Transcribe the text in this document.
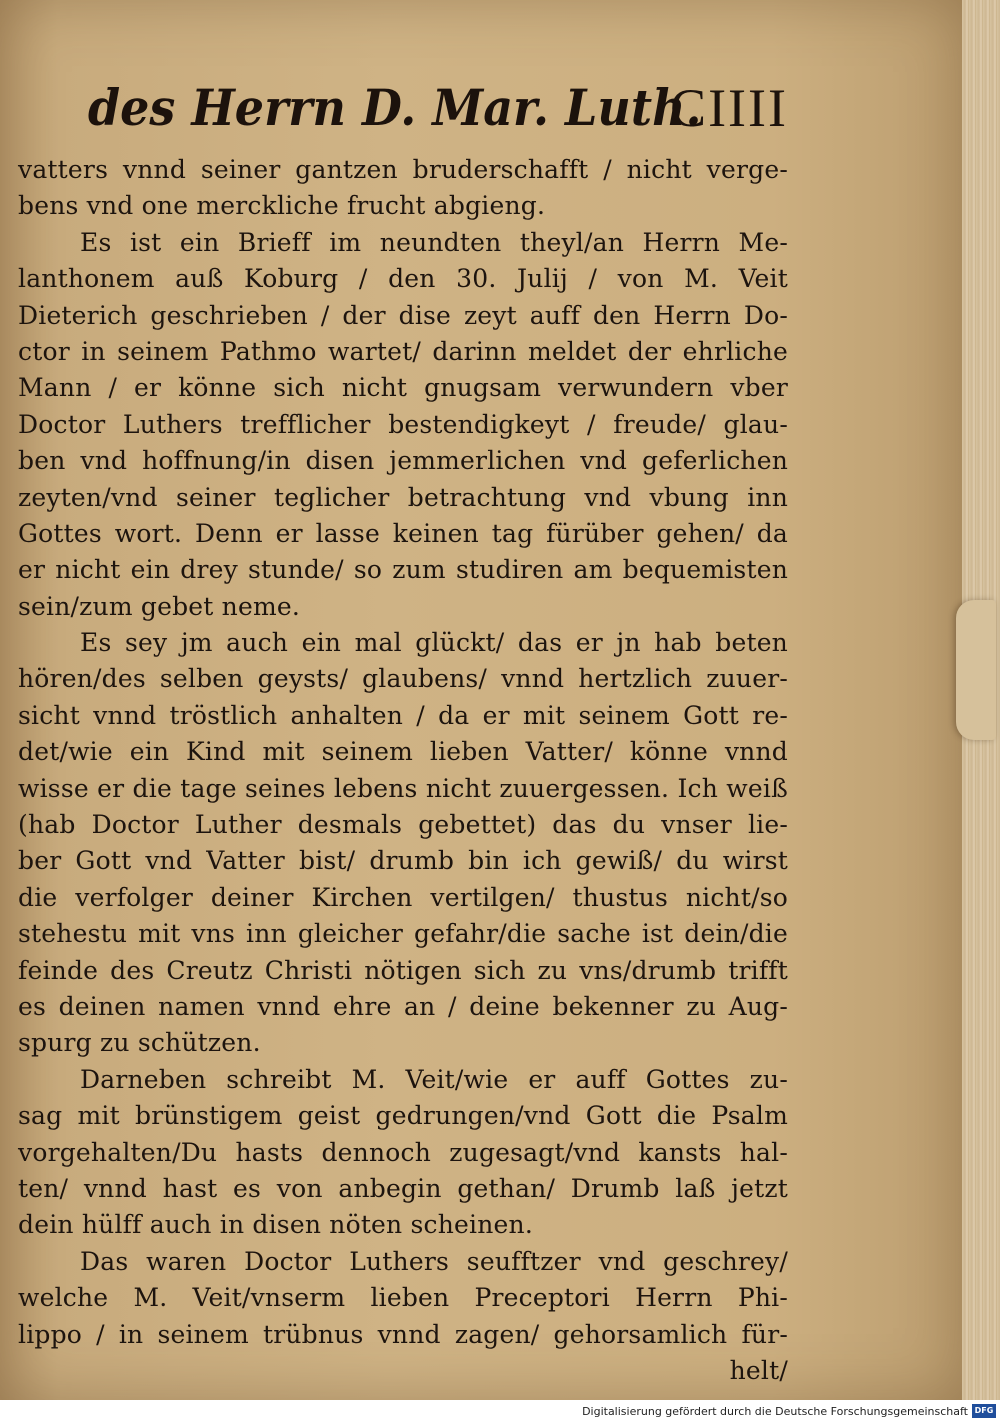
des Herrn D. Mar. Luth.
CIIII
vatters vnnd seiner gantzen bruderschafft / nicht verge-
bens vnd one merckliche frucht abgieng.
Es ist ein Brieff im neundten theyl/an Herrn Me-
lanthonem auß Koburg / den 30. Julij / von M. Veit
Dieterich geschrieben / der dise zeyt auff den Herrn Do-
ctor in seinem Pathmo wartet/ darinn meldet der ehrliche
Mann / er könne sich nicht gnugsam verwundern vber
Doctor Luthers trefflicher bestendigkeyt / freude/ glau-
ben vnd hoffnung/in disen jemmerlichen vnd geferlichen
zeyten/vnd seiner teglicher betrachtung vnd vbung inn
Gottes wort. Denn er lasse keinen tag fürüber gehen/ da
er nicht ein drey stunde/ so zum studiren am bequemisten
sein/zum gebet neme.
Es sey jm auch ein mal glückt/ das er jn hab beten
hören/des selben geysts/ glaubens/ vnnd hertzlich zuuer-
sicht vnnd tröstlich anhalten / da er mit seinem Gott re-
det/wie ein Kind mit seinem lieben Vatter/ könne vnnd
wisse er die tage seines lebens nicht zuuergessen. Ich weiß
(hab Doctor Luther desmals gebettet) das du vnser lie-
ber Gott vnd Vatter bist/ drumb bin ich gewiß/ du wirst
die verfolger deiner Kirchen vertilgen/ thustus nicht/so
stehestu mit vns inn gleicher gefahr/die sache ist dein/die
feinde des Creutz Christi nötigen sich zu vns/drumb trifft
es deinen namen vnnd ehre an / deine bekenner zu Aug-
spurg zu schützen.
Darneben schreibt M. Veit/wie er auff Gottes zu-
sag mit brünstigem geist gedrungen/vnd Gott die Psalm
vorgehalten/Du hasts dennoch zugesagt/vnd kansts hal-
ten/ vnnd hast es von anbegin gethan/ Drumb laß jetzt
dein hülff auch in disen nöten scheinen.
Das waren Doctor Luthers seufftzer vnd geschrey/
welche M. Veit/vnserm lieben Preceptori Herrn Phi-
lippo / in seinem trübnus vnnd zagen/ gehorsamlich für-
helt/
Digitalisierung gefördert durch die Deutsche Forschungsgemeinschaft DFG
